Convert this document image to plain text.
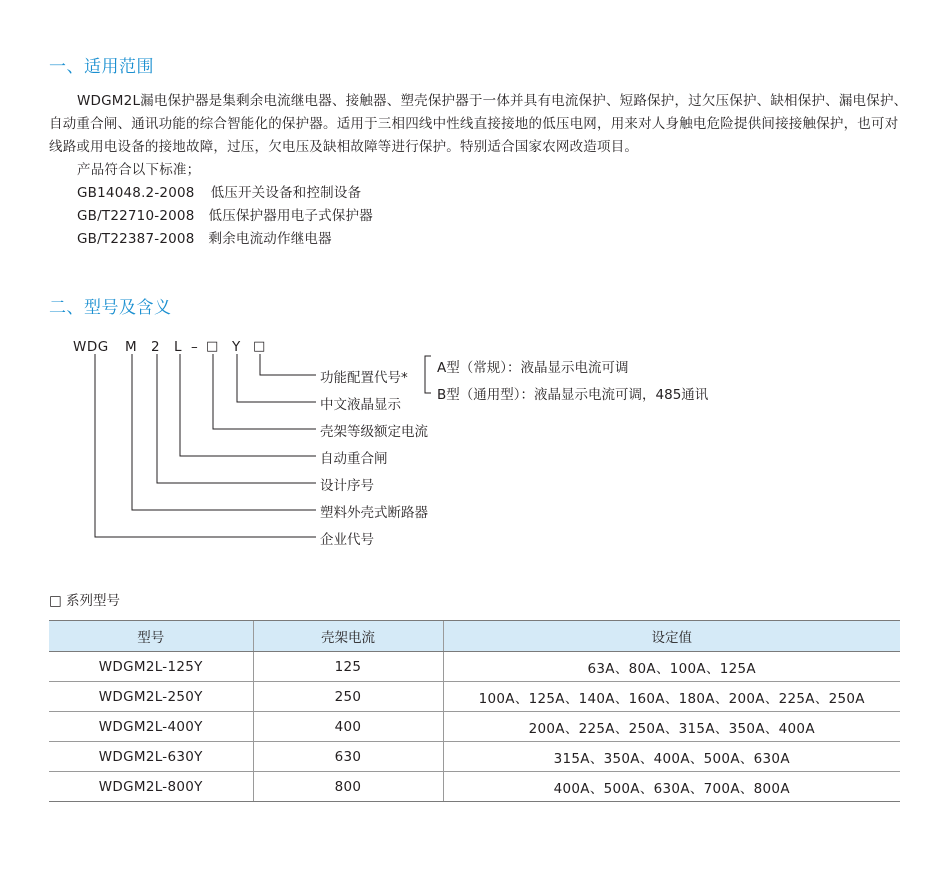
一、适用范围
WDGM2L漏电保护器是集剩余电流继电器、接触器、塑壳保护器于一体并具有电流保护、短路保护，过欠压保护、缺相保护、漏电保护、自动重合闸、通讯功能的综合智能化的保护器。适用于三相四线中性线直接接地的低压电网，用来对人身触电危险提供间接接触保护，也可对线路或用电设备的接地故障，过压，欠电压及缺相故障等进行保护。特别适合国家农网改造项目。
产品符合以下标准；
GB14048.2-2008 低压开关设备和控制设备
GB/T22710-2008 低压保护器用电子式保护器
GB/T22387-2008 剩余电流动作继电器
二、型号及含义
WDG M 2 L – □ Y □
功能配置代号*
中文液晶显示
壳架等级额定电流
自动重合闸
设计序号
塑料外壳式断路器
企业代号
A型（常规）：液晶显示电流可调
B型（通用型）：液晶显示电流可调，485通讯
□ 系列型号
型号	壳架电流	设定值
WDGM2L-125Y	125	63A、80A、100A、125A
WDGM2L-250Y	250	100A、125A、140A、160A、180A、200A、225A、250A
WDGM2L-400Y	400	200A、225A、250A、315A、350A、400A
WDGM2L-630Y	630	315A、350A、400A、500A、630A
WDGM2L-800Y	800	400A、500A、630A、700A、800A
